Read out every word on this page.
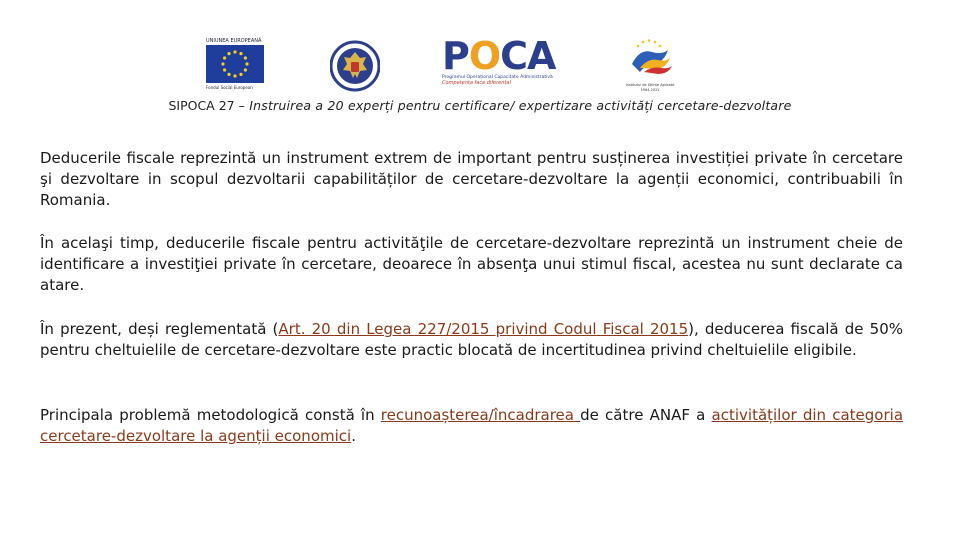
UNIUNEA EUROPEANĂ
Fondul Social European
POCA
Programul Operațional Capacitate Administrativă
Competența face diferența!	Institutul de Științe Aplicate
1964-2021
SIPOCA 27 – Instruirea a 20 experți pentru certificare/ expertizare activități cercetare-dezvoltare

Deducerile fiscale reprezintă un instrument extrem de important pentru susținerea investiției private în cercetare şi dezvoltare in scopul dezvoltarii capabilităților de cercetare-dezvoltare la agenții economici, contribuabili în Romania.

În acelaşi timp, deducerile fiscale pentru activităţile de cercetare-dezvoltare reprezintă un instrument cheie de identificare a investiţiei private în cercetare, deoarece în absenţa unui stimul fiscal, acestea nu sunt declarate ca atare.

În prezent, deși reglementată (Art. 20 din Legea 227/2015 privind Codul Fiscal 2015), deducerea fiscală de 50% pentru cheltuielile de cercetare-dezvoltare este practic blocată de incertitudinea privind cheltuielile eligibile.

Principala problemă metodologică constă în recunoașterea/încadrarea de către ANAF a activităților din categoria cercetare-dezvoltare la agenții economici.
